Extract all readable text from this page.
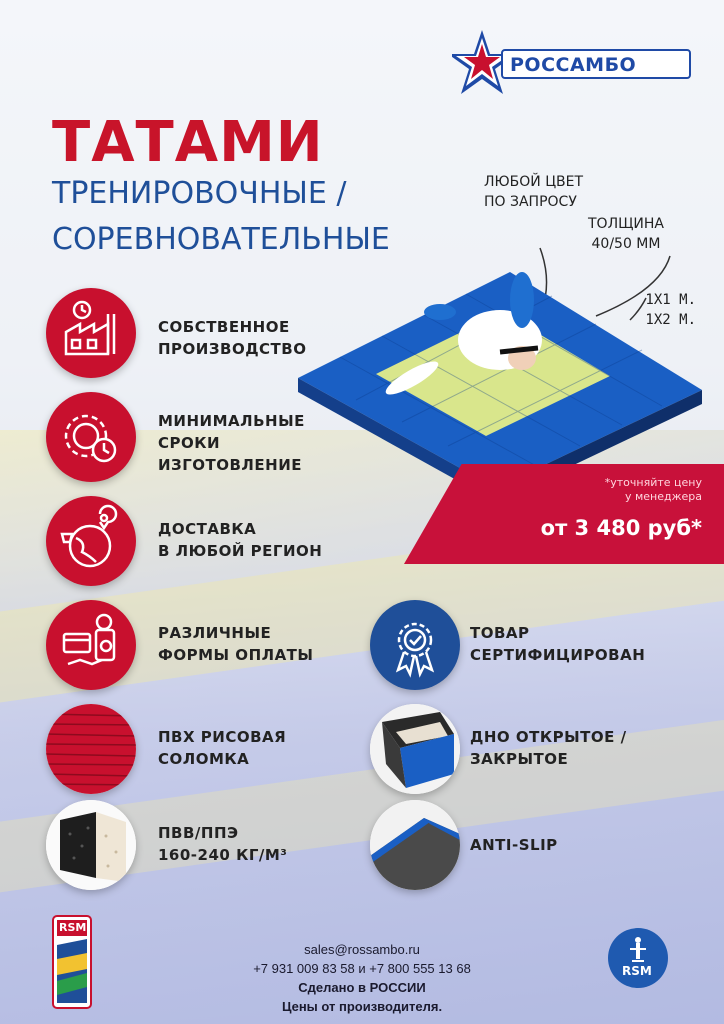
РОССАМБО
ТАТАМИ
ТРЕНИРОВОЧНЫЕ /
СОРЕВНОВАТЕЛЬНЫЕ
ЛЮБОЙ ЦВЕТ
ПО ЗАПРОСУ
ТОЛЩИНА
40/50 ММ
1X1 М.
1X2 М.
*уточняйте цену
у менеджера
от 3 480 руб*
СОБСТВЕННОЕ
ПРОИЗВОДСТВО
МИНИМАЛЬНЫЕ
СРОКИ
ИЗГОТОВЛЕНИЕ
ДОСТАВКА
В ЛЮБОЙ РЕГИОН
РАЗЛИЧНЫЕ
ФОРМЫ ОПЛАТЫ
ТОВАР
СЕРТИФИЦИРОВАН
ПВХ РИСОВАЯ
СОЛОМКА
ДНО ОТКРЫТОЕ /
ЗАКРЫТОЕ
ПВВ/ППЭ
160-240 КГ/М³
ANTI-SLIP
RSM
sales@rossambo.ru
+7 931 009 83 58 и +7 800 555 13 68
Сделано в РОССИИ
Цены от производителя.
RSM
